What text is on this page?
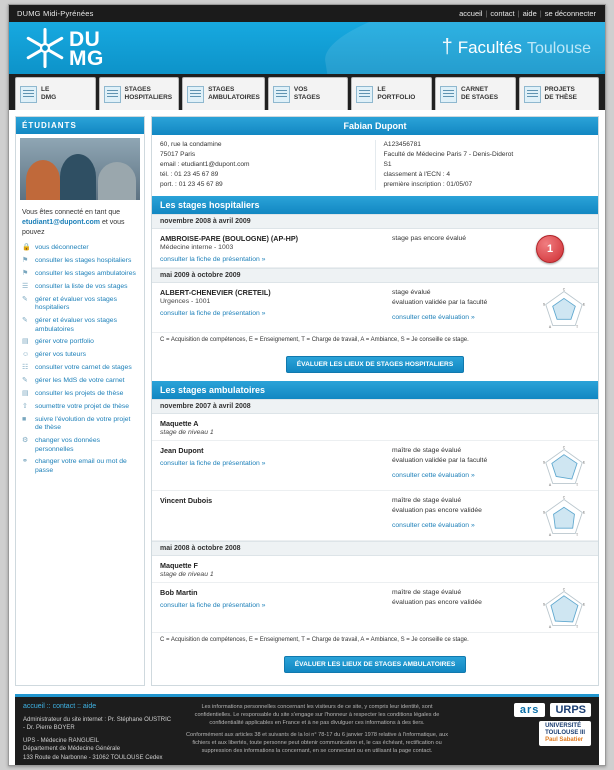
DUMG Midi-Pyrénées	accueil | contact | aide | se déconnecter
DU
MG	† Facultés Toulouse
LE
DMG
STAGES
HOSPITALIERS
STAGES
AMBULATOIRES
VOS
STAGES
LE
PORTFOLIO
CARNET
DE STAGES
PROJETS
DE THÈSE
ÉTUDIANTS
Vous êtes connecté en tant que
etudiant1@dupont.com et vous pouvez
🔒 vous déconnecter
⚑ consulter les stages hospitaliers
⚑ consulter les stages ambulatoires
☰ consulter la liste de vos stages
✎	gérer et évaluer vos stages hospitaliers
✎	gérer et évaluer vos stages ambulatoires
▤ gérer votre portfolio
☺ gérer vos tuteurs
☷ consulter votre carnet de stages
✎	gérer les MdS de votre carnet
▤ consulter les projets de thèse
⇧	soumettre votre projet de thèse
■	suivre l'évolution de votre projet de thèse
⚙ changer vos données personnelles
⚭	changer votre email ou mot de passe
Fabian Dupont
60, rue la condamine
75017 Paris
email : etudiant1@dupont.com
tél. : 01 23 45 67 89
port. : 01 23 45 67 89
A123456781
Faculté de Médecine Paris 7 - Denis-Diderot
S1
classement à l'ECN : 4
première inscription : 01/05/07
Les stages hospitaliers
novembre 2008 à avril 2009
AMBROISE-PARE (BOULOGNE) (AP-HP)
Médecine interne - 1003
consulter la fiche de présentation »
stage pas encore évalué
1
mai 2009 à octobre 2009
ALBERT-CHENEVIER (CRETEIL)
Urgences - 1001
consulter la fiche de présentation »
stage évalué
évaluation validée par la faculté
consulter cette évaluation »
C
E
T
A
S
C = Acquisition de compétences, E = Enseignement, T = Charge de travail, A = Ambiance, S = Je conseille ce stage.
ÉVALUER LES LIEUX DE STAGES HOSPITALIERS
Les stages ambulatoires
novembre 2007 à avril 2008
Maquette A
stage de niveau 1
Jean Dupont
consulter la fiche de présentation »
maître de stage évalué
évaluation validée par la faculté
consulter cette évaluation »
C
E
T
A
S
Vincent Dubois	maître de stage évalué
évaluation pas encore validée
consulter cette évaluation »
C
E
T
A
S
mai 2008 à octobre 2008
Maquette F
stage de niveau 1
Bob Martin
consulter la fiche de présentation »
maître de stage évalué
évaluation pas encore validée
C
E
T
A
S
C = Acquisition de compétences, E = Enseignement, T = Charge de travail, A = Ambiance, S = Je conseille ce stage.
ÉVALUER LES LIEUX DE STAGES AMBULATOIRES
accueil :: contact :: aide
Administrateur du site internet : Pr. Stéphane OUSTRIC - Dr. Pierre BOYER
UPS - Médecine RANGUEIL
Département de Médecine Générale
133 Route de Narbonne - 31062 TOULOUSE Cedex
Les informations personnelles concernant les visiteurs de ce site, y compris leur identité, sont confidentielles. Le responsable du site s'engage sur l'honneur à respecter les conditions légales de confidentialité applicables en France et à ne pas divulguer ces informations à des tiers.
Conformément aux articles 38 et suivants de la loi n° 78-17 du 6 janvier 1978 relative à l'informatique, aux fichiers et aux libertés, toute personne peut obtenir communication et, le cas échéant, rectification ou suppression des informations la concernant, en se connectant ou en utilisant la page contact.
ars	URPS
UNIVERSITÉ
TOULOUSE III
Paul Sabatier
